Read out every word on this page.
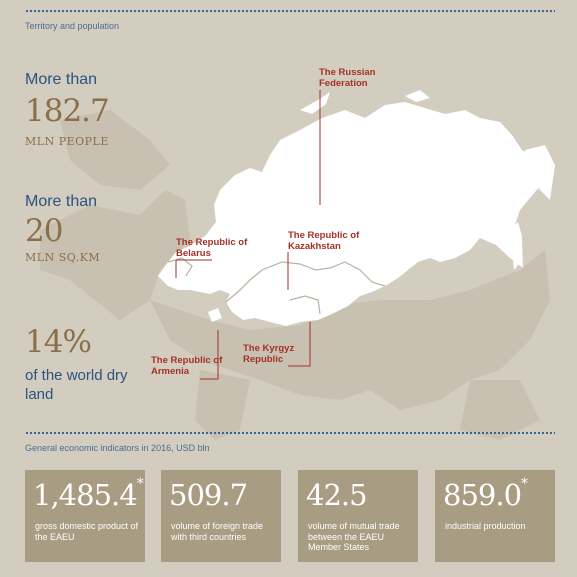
Territory and population
The Russian Federation
The Republic of Kazakhstan
The Republic of Belarus
The Kyrgyz Republic
The Republic of Armenia
More than
182.7
MLN PEOPLE
More than
20
MLN SQ.KM
14%
of the world dry land
General economic indicators in 2016, USD bln
1,485.4*
gross domestic product of the EAEU
509.7
volume of foreign trade with third countries
42.5
volume of mutual trade between the EAEU Member States
859.0*
industrial production
